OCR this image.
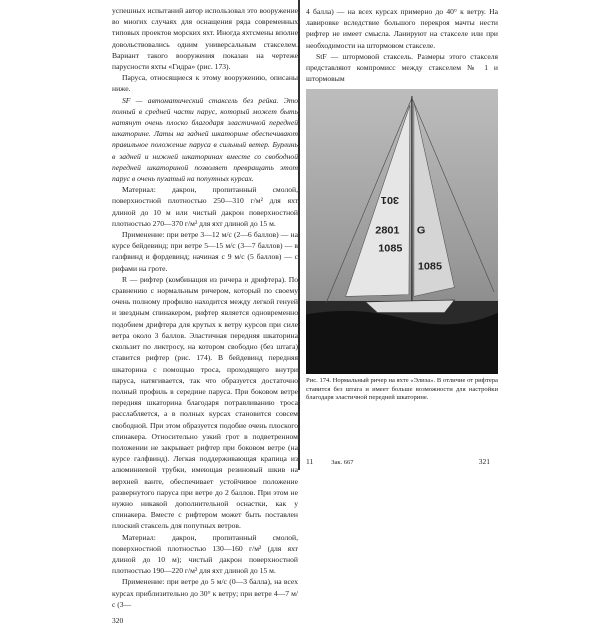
успешных испытаний автор использовал это вооружение во многих случаях для оснащения ряда современных типовых проектов морских яхт. Иногда яхтсмены вполне довольствовались одним универсальным стакселем. Вариант такого вооружения показан на чертеже парусности яхты «Гидра» (рис. 173).

Паруса, относящиеся к этому вооружению, описаны ниже.

SF — автоматический стаксель без рейка. Это полный в средней части парус, который может быть натянут очень плоско благодаря эластичной передней шкаторине. Латы на задней шкаторине обеспечивают правильное положение паруса в сильный ветер. Бурлинь в задней и нижней шкаторинах вместе со свободной передней шкаториной позволяет превращать этот парус в очень пузатый на попутных курсах.

Материал: дакрон, пропитанный смолой, поверхностной плотностью 250—310 г/м² для яхт длиной до 10 м или чистый дакрон поверхностной плотностью 270—370 г/м² для яхт длиной до 15 м.

Применение: при ветре 3—12 м/с (2—6 баллов) — на курсе бейдевинд; при ветре 5—15 м/с (3—7 баллов) — в галфвинд и фордевинд; начиная с 9 м/с (5 баллов) — с рифами на гроте.

R — рифтер (комбинация из ричера и дрифтера). По сравнению с нормальным ричером, который по своему очень полному профилю находится между легкой генуей и звездным спинакером, рифтер является одновременно подобием дрифтера для крутых к ветру курсов при силе ветра около 3 баллов. Эластичная передняя шкаторина скользит по ликтросу, на котором свободно (без штага) ставится рифтер (рис. 174). В бейдевинд передняя шкаторина с помощью троса, проходящего внутри паруса, натягивается, так что образуется достаточно полный профиль в середине паруса. При боковом ветре передняя шкаторина благодаря потравливанию троса расслабляется, а в полных курсах становится совсем свободной. При этом образуется подобие очень плоского спинакера. Относительно узкий грот в подветренном положении не закрывает рифтер при боковом ветре (на курсе галфвинд). Легкая поддерживающая крапица из алюминиевой трубки, имеющая резиновый шкив на верхней ванте, обеспечивает устойчивое положение развернутого паруса при ветре до 2 баллов. При этом не нужно никакой дополнительной оснастки, как у спинакера. Вместе с рифтером может быть поставлен плоский стаксель для попутных ветров.

Материал: дакрон, пропитанный смолой, поверхностной плотностью 130—160 г/м² (для яхт длиной до 10 м); чистый дакрон поверхностной плотностью 190—220 г/м² для яхт длиной до 15 м.

Применение: при ветре до 5 м/с (0—3 балла), на всех курсах приблизительно до 30° к ветру; при ветре 4—7 м/с (3—

320

4 балла) — на всех курсах примерно до 40° к ветру. На лавировке вследствие большого перекроя мачты нести рифтер не имеет смысла. Ланируют на стакселе или при необходимости на штормовом стакселе.

StF — штормовой стаксель. Размеры этого стакселя представляют компромисс между стакселем № 1 и штормовым

301
2801
1085
G
1085
Рис. 174. Нормальный ричер на яхте «Элиза». В отличие от рифтера ставится без штага и имеет больше возможности для настройки благодаря эластичной передней шкаторине.
11	Зак. 667	321
